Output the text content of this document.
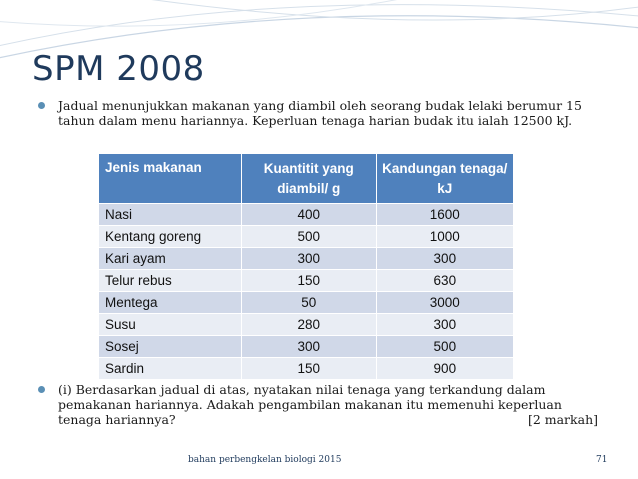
SPM 2008
Jadual menunjukkan makanan yang diambil oleh seorang budak lelaki berumur 15 tahun dalam menu hariannya. Keperluan tenaga harian budak itu ialah 12500 kJ.
Jenis makanan	Kuantitit yang diambil/ g	Kandungan tenaga/ kJ
Nasi	400	1600
Kentang goreng	500	1000
Kari ayam	300	300
Telur rebus	150	630
Mentega	50	3000
Susu	280	300
Sosej	300	500
Sardin	150	900
(i) Berdasarkan jadual di atas, nyatakan nilai tenaga yang terkandung dalam pemakanan hariannya. Adakah pengambilan makanan itu memenuhi keperluan tenaga hariannya?	[2 markah]
bahan perbengkelan biologi 2015	71
